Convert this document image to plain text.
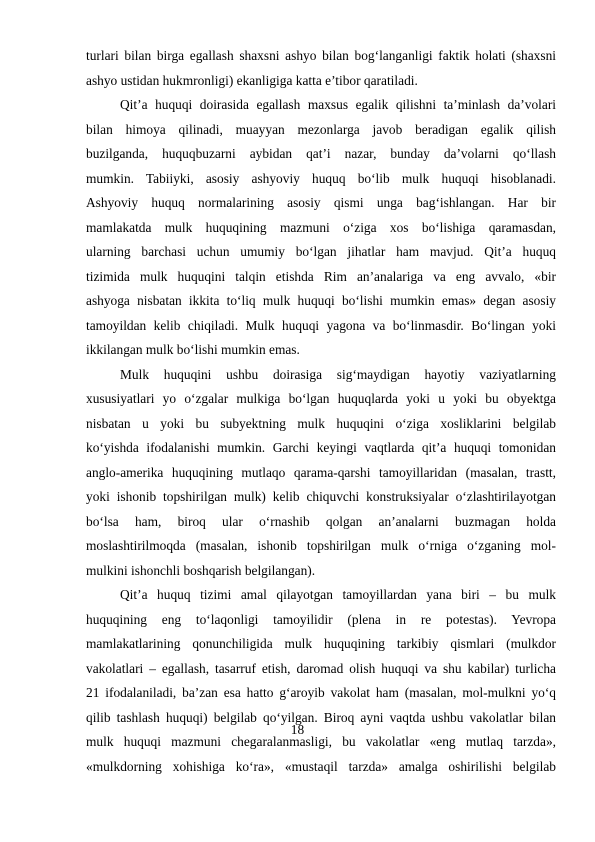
turlari bilan birga egallash shaxsni ashyo bilan bog‘langanligi faktik holati (shaxsni
ashyo ustidan hukmronligi) ekanligiga katta e’tibor qaratiladi.
Qit’a huquqi doirasida egallash maxsus egalik qilishni ta’minlash da’volari
bilan himoya qilinadi, muayyan mezonlarga javob beradigan egalik qilish
buzilganda, huquqbuzarni aybidan qat’i nazar, bunday da’volarni qo‘llash
mumkin. Tabiiyki, asosiy ashyoviy huquq bo‘lib mulk huquqi hisoblanadi.
Ashyoviy huquq normalarining asosiy qismi unga bag‘ishlangan. Har bir
mamlakatda mulk huquqining mazmuni o‘ziga xos bo‘lishiga qaramasdan,
ularning barchasi uchun umumiy bo‘lgan jihatlar ham mavjud. Qit’a huquq
tizimida mulk huquqini talqin etishda Rim an’analariga va eng avvalo, «bir
ashyoga nisbatan ikkita to‘liq mulk huquqi bo‘lishi mumkin emas» degan asosiy
tamoyildan kelib chiqiladi. Mulk huquqi yagona va bo‘linmasdir. Bo‘lingan yoki
ikkilangan mulk bo‘lishi mumkin emas.
Mulk huquqini ushbu doirasiga sig‘maydigan hayotiy vaziyatlarning
xususiyatlari yo o‘zgalar mulkiga bo‘lgan huquqlarda yoki u yoki bu obyektga
nisbatan u yoki bu subyektning mulk huquqini o‘ziga xosliklarini belgilab
ko‘yishda ifodalanishi mumkin. Garchi keyingi vaqtlarda qit’a huquqi tomonidan
anglo-amerika huquqining mutlaqo qarama-qarshi tamoyillaridan (masalan, trastt,
yoki ishonib topshirilgan mulk) kelib chiquvchi konstruksiyalar o‘zlashtirilayotgan
bo‘lsa ham, biroq ular o‘rnashib qolgan an’analarni buzmagan holda
moslashtirilmoqda (masalan, ishonib topshirilgan mulk o‘rniga o‘zganing mol-
mulkini ishonchli boshqarish belgilangan).
Qit’a huquq tizimi amal qilayotgan tamoyillardan yana biri – bu mulk
huquqining eng to‘laqonligi tamoyilidir (plena in re potestas). Yevropa
mamlakatlarining qonunchiligida mulk huquqining tarkibiy qismlari (mulkdor
vakolatlari – egallash, tasarruf etish, daromad olish huquqi va shu kabilar) turlicha
21 ifodalaniladi, ba’zan esa hatto g‘aroyib vakolat ham (masalan, mol-mulkni yo‘q
qilib tashlash huquqi) belgilab qo‘yilgan. Biroq ayni vaqtda ushbu vakolatlar bilan
mulk huquqi mazmuni chegaralanmasligi, bu vakolatlar «eng mutlaq tarzda»,
«mulkdorning xohishiga ko‘ra», «mustaqil tarzda» amalga oshirilishi belgilab
18
